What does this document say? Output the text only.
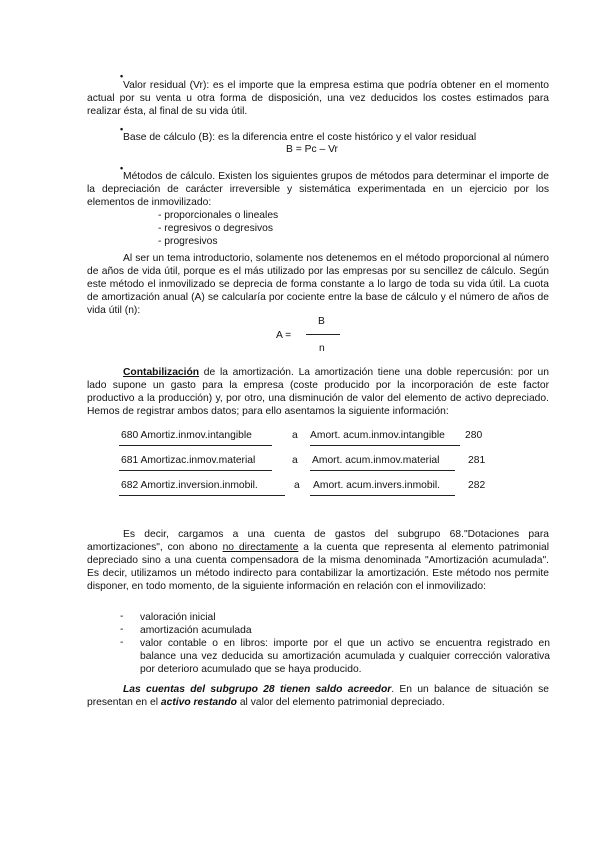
•
Valor residual (Vr): es el importe que la empresa estima que podría obtener en el momento actual por su venta u otra forma de disposición, una vez deducidos los costes estimados para realizar ésta, al final de su vida útil.
•
Base de cálculo (B): es la diferencia entre el coste histórico y el valor residual
B = Pc – Vr
•
Métodos de cálculo. Existen los siguientes grupos de métodos para determinar el importe de la depreciación de carácter irreversible y sistemática experimentada en un ejercicio por los elementos de inmovilizado:
- proporcionales o lineales
- regresivos o degresivos
- progresivos
Al ser un tema introductorio, solamente nos detenemos en el método proporcional al número de años de vida útil, porque es el más utilizado por las empresas por su sencillez de cálculo. Según este método el inmovilizado se deprecia de forma constante a lo largo de toda su vida útil. La cuota de amortización anual (A) se calcularía por cociente entre la base de cálculo y el número de años de vida útil (n):
A =
B
n
Contabilización de la amortización. La amortización tiene una doble repercusión: por un lado supone un gasto para la empresa (coste producido por la incorporación de este factor productivo a la producción) y, por otro, una disminución de valor del elemento de activo depreciado. Hemos de registrar ambos datos; para ello asentamos la siguiente información:
680 Amortiz.inmov.intangible	a Amort. acum.inmov.intangible 280
681 Amortizac.inmov.material	a Amort. acum.inmov.material	281
682 Amortiz.inversion.inmobil.	a Amort. acum.invers.inmobil.	282
Es decir, cargamos a una cuenta de gastos del subgrupo 68."Dotaciones para amortizaciones", con abono no directamente a la cuenta que representa al elemento patrimonial depreciado sino a una cuenta compensadora de la misma denominada "Amortización acumulada". Es decir, utilizamos un método indirecto para contabilizar la amortización. Este método nos permite disponer, en todo momento, de la siguiente información en relación con el inmovilizado:
- valoración inicial
- amortización acumulada
- valor contable o en libros: importe por el que un activo se encuentra registrado en balance una vez deducida su amortización acumulada y cualquier corrección valorativa por deterioro acumulado que se haya producido.
Las cuentas del subgrupo 28 tienen saldo acreedor. En un balance de situación se presentan en el activo restando al valor del elemento patrimonial depreciado.
